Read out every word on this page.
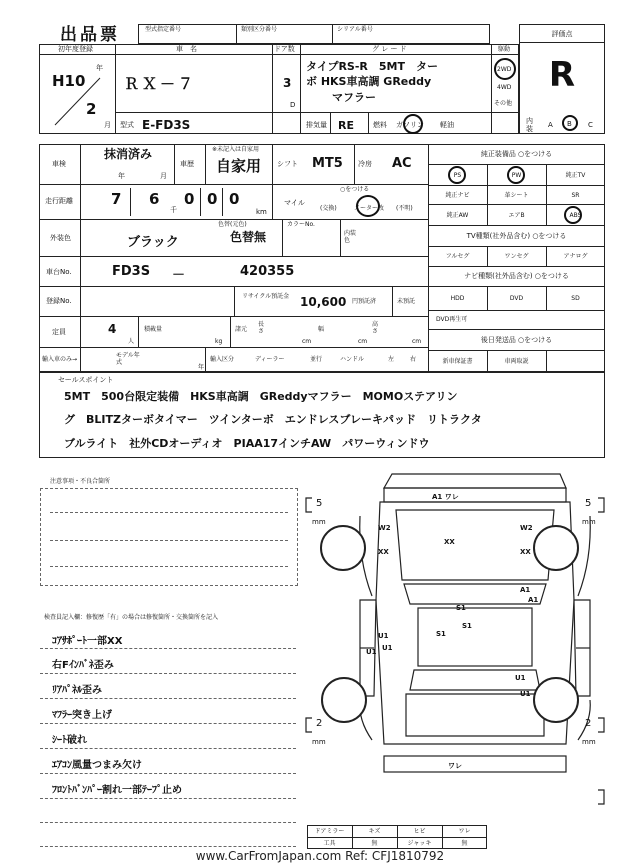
出品票	型式指定番号	類別区分番号	シリアル番号
評価点
R
初年度登録
H10
年
2
月
車　名
ＲＸ－７
ドア数
3
D
グ レ ー ド
タイプRS-R　5MT　ター
ボ HKS車高調 GReddy
マフラー
駆動
2WD
4WD
その他
型式 E-FD3S	排気量 RE	燃料 ガソリン 軽油	内装	A B C
車検
抹消済み
年	月
車歴
※未記入は自家用
自家用 シフト MT5 冷房 AC
走行距離	7 6
千
0 0 0
km
マイル
○をつける
(交換)	メーター改 (不明)
外装色	ブラック
色替(元色)
色替無
カラーNo.
内装色
車台No.	FD3S －	420355
登録No.
リサイクル預託金 10,600 円預託済	未預託
定員	4
人
積載量
kg
諸元
長さ
cm
幅
cm
高さ
cm
輸入車のみ→
モデル年式
年
輸入区分	ディーラー	並行	ハンドル	左	右
純正装備品 ○をつける
PS	PW	純正TV
純正ナビ	革シート	SR
純正AW	エアB	ABS
TV種類(社外品含む) ○をつける
フルセグ	ワンセグ	アナログ
ナビ種類(社外品含む) ○をつける
HDD	DVD	SD
DVD再生可
後日発送品 ○をつける
新車保証書	車両取説
セールスポイント
5MT　500台限定装備　HKS車高調　GReddyマフラー　MOMOステアリン
グ　BLITZターボタイマー　ツインターボ　エンドレスブレーキパッド　リトラクタ
ブルライト　社外CDオーディオ　PIAA17インチAW　パワーウィンドウ
注意事項・不良合箇所
検査員記入欄：修復歴「有」の場合は修復箇所・交換箇所を記入
ｺｱｻﾎﾟｰﾄ一部XX
右Fｲﾝﾊﾞﾈ歪み
ﾘｱﾊﾟﾈﾙ歪み
ﾏﾌﾗｰ突き上げ
ｼｰﾄ破れ
ｴｱｺﾝ風量つまみ欠け
ﾌﾛﾝﾄﾊﾞﾝﾊﾟｰ割れ一部ﾃｰﾌﾟ止め
5
mm
5
mm
2
mm
2
mm
A1 ワレ
W2
XX
W2
XX
XX
A1
A1
S1
S1
S1
U1
U1
U1
U1
U1
ワレ
ドアミラー	キズ	ヒビ	ワレ
工具	無	ジャッキ	無
www.CarFromJapan.com Ref: CFJ1810792
